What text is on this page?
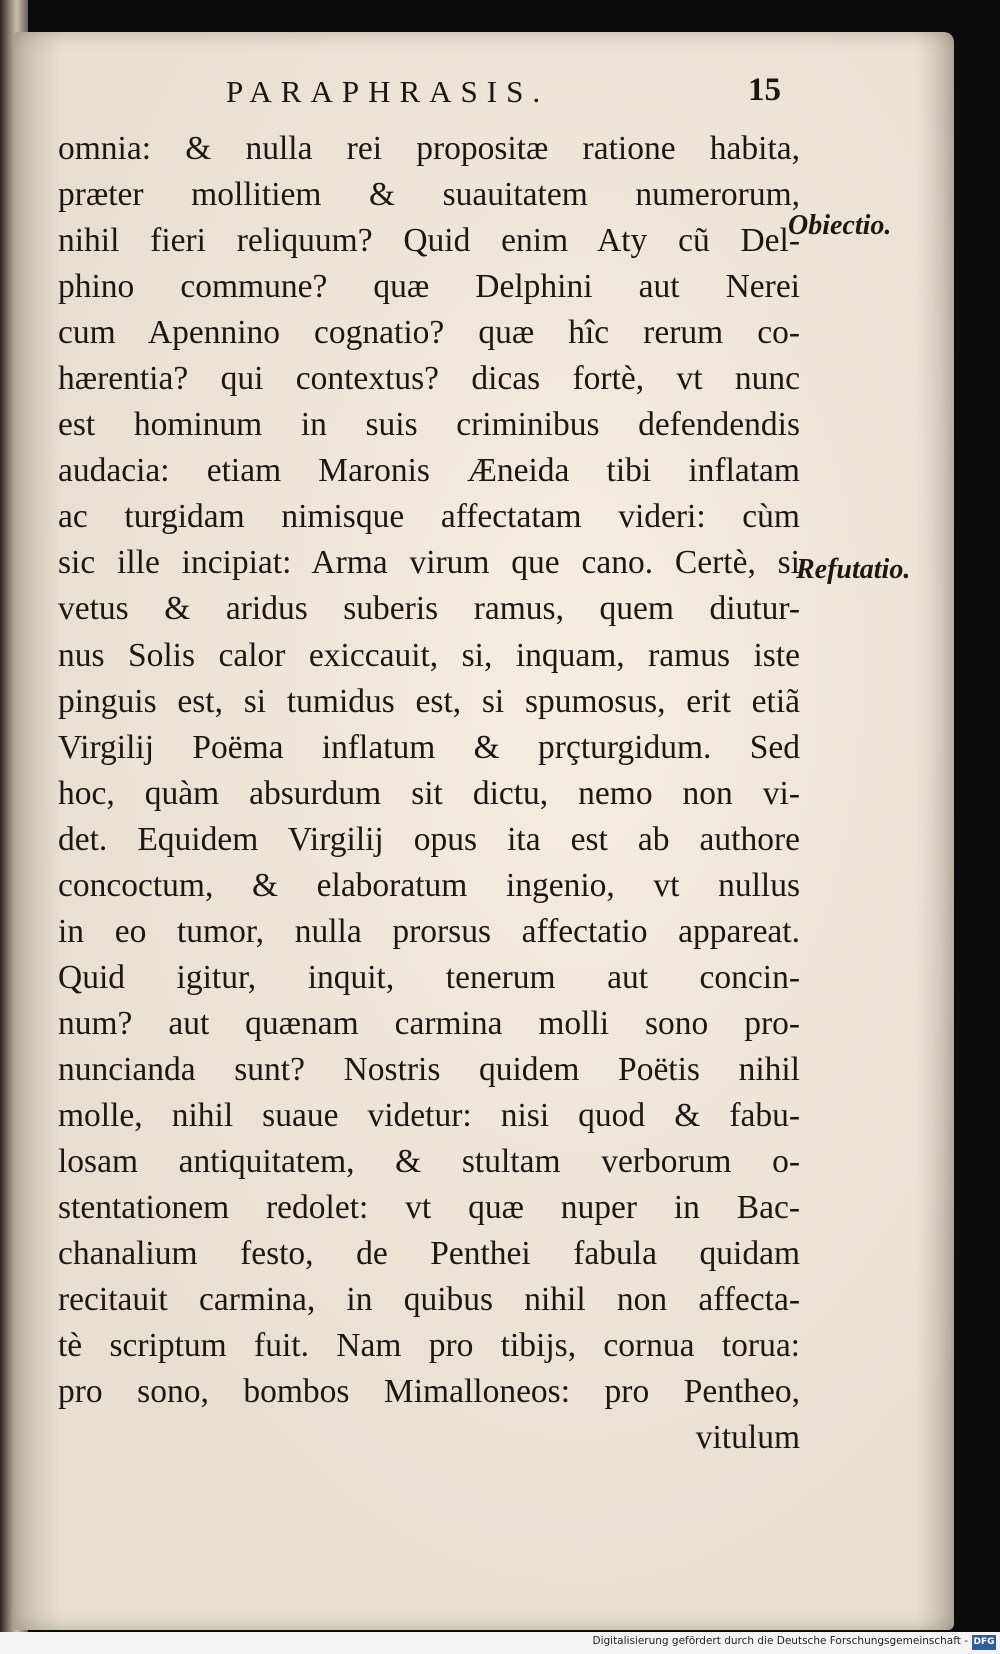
PARAPHRASIS.	15
omnia: & nulla rei propositæ ratione habita,
præter mollitiem & suauitatem numerorum,
nihil fieri reliquum? Quid enim Aty cũ Del-
phino commune? quæ Delphini aut Nerei
cum Apennino cognatio? quæ hîc rerum co-
hærentia? qui contextus? dicas fortè, vt nunc
est hominum in suis criminibus defendendis
audacia: etiam Maronis Æneida tibi inflatam
ac turgidam nimisque affectatam videri: cùm
sic ille incipiat: Arma virum que cano. Certè, si
vetus & aridus suberis ramus, quem diutur-
nus Solis calor exiccauit, si, inquam, ramus iste
pinguis est, si tumidus est, si spumosus, erit etiã
Virgilij Poëma inflatum & prçturgidum. Sed
hoc, quàm absurdum sit dictu, nemo non vi-
det. Equidem Virgilij opus ita est ab authore
concoctum, & elaboratum ingenio, vt nullus
in eo tumor, nulla prorsus affectatio appareat.
Quid igitur, inquit, tenerum aut concin-
num? aut quænam carmina molli sono pro-
nuncianda sunt? Nostris quidem Poëtis nihil
molle, nihil suaue videtur: nisi quod & fabu-
losam antiquitatem, & stultam verborum o-
stentationem redolet: vt quæ nuper in Bac-
chanalium festo, de Penthei fabula quidam
recitauit carmina, in quibus nihil non affecta-
tè scriptum fuit. Nam pro tibijs, cornua torua:
pro sono, bombos Mimalloneos: pro Pentheo,
vitulum
Obiectio.
Refutatio.
Digitalisierung gefördert durch die Deutsche Forschungsgemeinschaft - DFG
